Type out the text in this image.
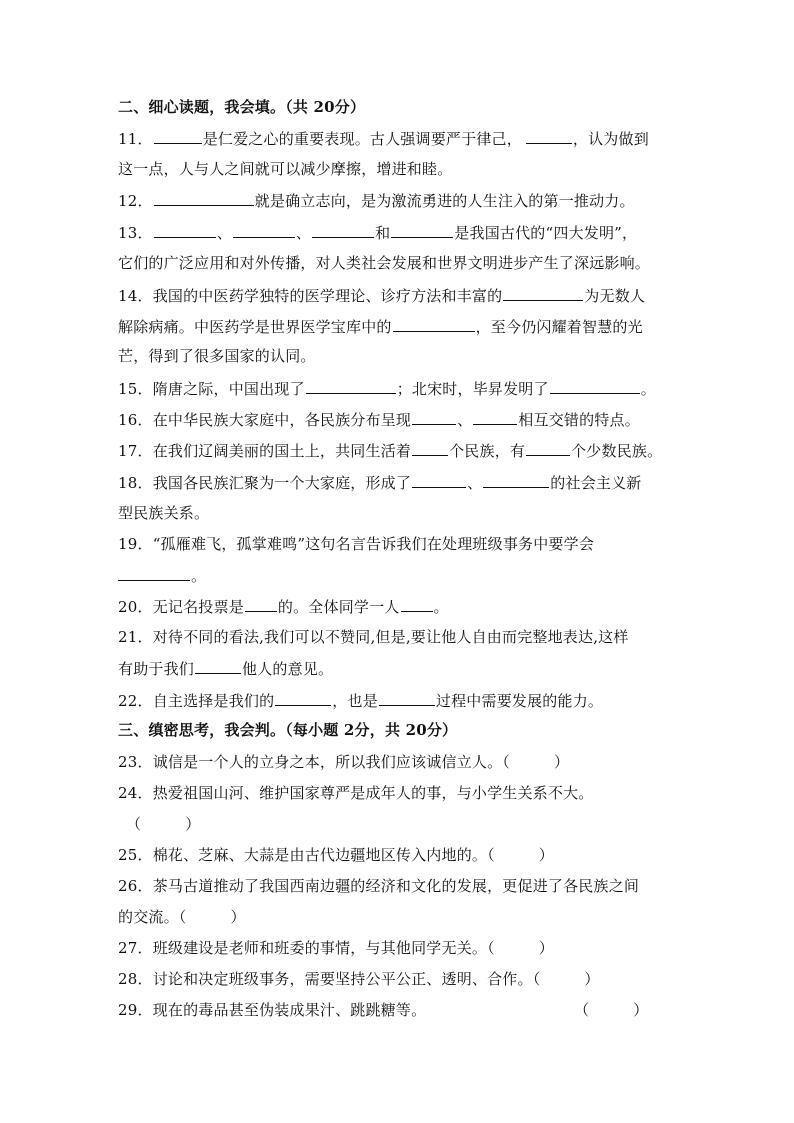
二、细心读题，我会填。（共 20分）
11．	是仁爱之心的重要表现。古人强调要严于律己，	，认为做到
这一点，人与人之间就可以减少摩擦，增进和睦。
12．	就是确立志向，是为激流勇进的人生注入的第一推动力。
13．	、	、	和	是我国古代的“四大发明”，
它们的广泛应用和对外传播，对人类社会发展和世界文明进步产生了深远影响。
14．我国的中医药学独特的医学理论、诊疗方法和丰富的	为无数人
解除病痛。中医药学是世界医学宝库中的	，至今仍闪耀着智慧的光
芒，得到了很多国家的认同。
15．隋唐之际，中国出现了	；北宋时，毕昇发明了	。
16．在中华民族大家庭中，各民族分布呈现	、	相互交错的特点。
17．在我们辽阔美丽的国土上，共同生活着	个民族，有	个少数民族。
18．我国各民族汇聚为一个大家庭，形成了	、	的社会主义新
型民族关系。
19．“孤雁难飞，孤掌难鸣”这句名言告诉我们在处理班级事务中要学会
。
20．无记名投票是 的。全体同学一人 。
21．对待不同的看法,我们可以不赞同,但是,要让他人自由而完整地表达,这样
有助于我们	他人的意见。
22．自主选择是我们的	，也是	过程中需要发展的能力。
三、缜密思考，我会判。（每小题 2分，共 20分）
23．诚信是一个人的立身之本，所以我们应该诚信立人。（	）
24．热爱祖国山河、维护国家尊严是成年人的事，与小学生关系不大。
（	）
25．棉花、芝麻、大蒜是由古代边疆地区传入内地的。（	）
26．茶马古道推动了我国西南边疆的经济和文化的发展，更促进了各民族之间
的交流。（	）
27．班级建设是老师和班委的事情，与其他同学无关。（	）
28．讨论和决定班级事务，需要坚持公平公正、透明、合作。（	）
29．现在的毒品甚至伪装成果汁、跳跳糖等。	（	）
